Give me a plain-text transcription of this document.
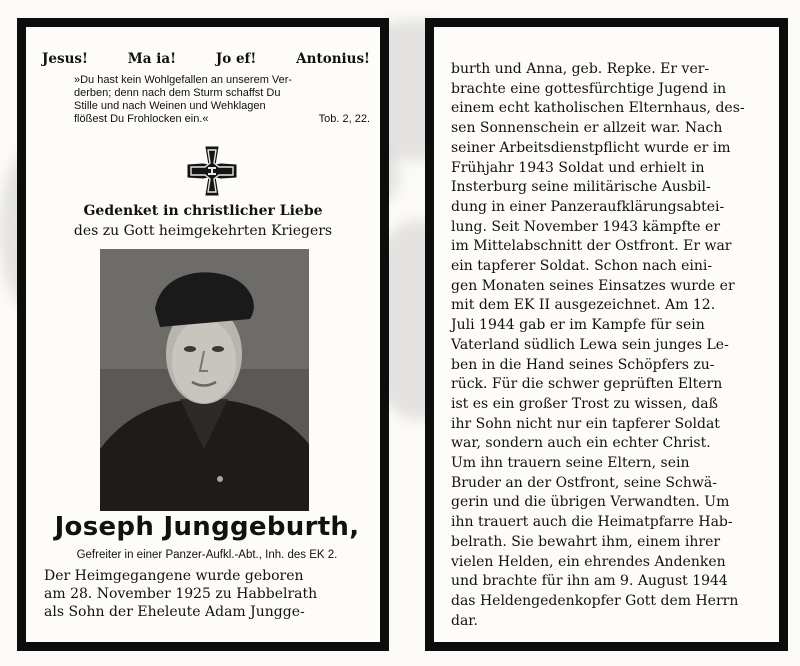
Jesus!	Ma ia!	Jo ef!	Antonius!
»Du hast kein Wohlgefallen an unserem Ver-
derben; denn nach dem Sturm schaffst Du
Stille und nach Weinen und Wehklagen
flößest Du Frohlocken ein.«	Tob. 2, 22.
Gedenket in christlicher Liebe
des zu Gott heimgekehrten Kriegers
Joseph Junggeburth,
Gefreiter in einer Panzer-Aufkl.-Abt., Inh. des EK 2.
Der Heimgegangene wurde geboren
am 28. November 1925 zu Habbelrath
als Sohn der Eheleute Adam Jungge-
burth und Anna, geb. Repke. Er ver-
brachte eine gottesfürchtige Jugend in
einem echt katholischen Elternhaus, des-
sen Sonnenschein er allzeit war. Nach
seiner Arbeitsdienstpflicht wurde er im
Frühjahr 1943 Soldat und erhielt in
Insterburg seine militärische Ausbil-
dung in einer Panzeraufklärungsabtei-
lung. Seit November 1943 kämpfte er
im Mittelabschnitt der Ostfront. Er war
ein tapferer Soldat. Schon nach eini-
gen Monaten seines Einsatzes wurde er
mit dem EK II ausgezeichnet. Am 12.
Juli 1944 gab er im Kampfe für sein
Vaterland südlich Lewa sein junges Le-
ben in die Hand seines Schöpfers zu-
rück. Für die schwer geprüften Eltern
ist es ein großer Trost zu wissen, daß
ihr Sohn nicht nur ein tapferer Soldat
war, sondern auch ein echter Christ.
Um ihn trauern seine Eltern, sein
Bruder an der Ostfront, seine Schwä-
gerin und die übrigen Verwandten. Um
ihn trauert auch die Heimatpfarre Hab-
belrath. Sie bewahrt ihm, einem ihrer
vielen Helden, ein ehrendes Andenken
und brachte für ihn am 9. August 1944
das Heldengedenkopfer Gott dem Herrn
dar.
